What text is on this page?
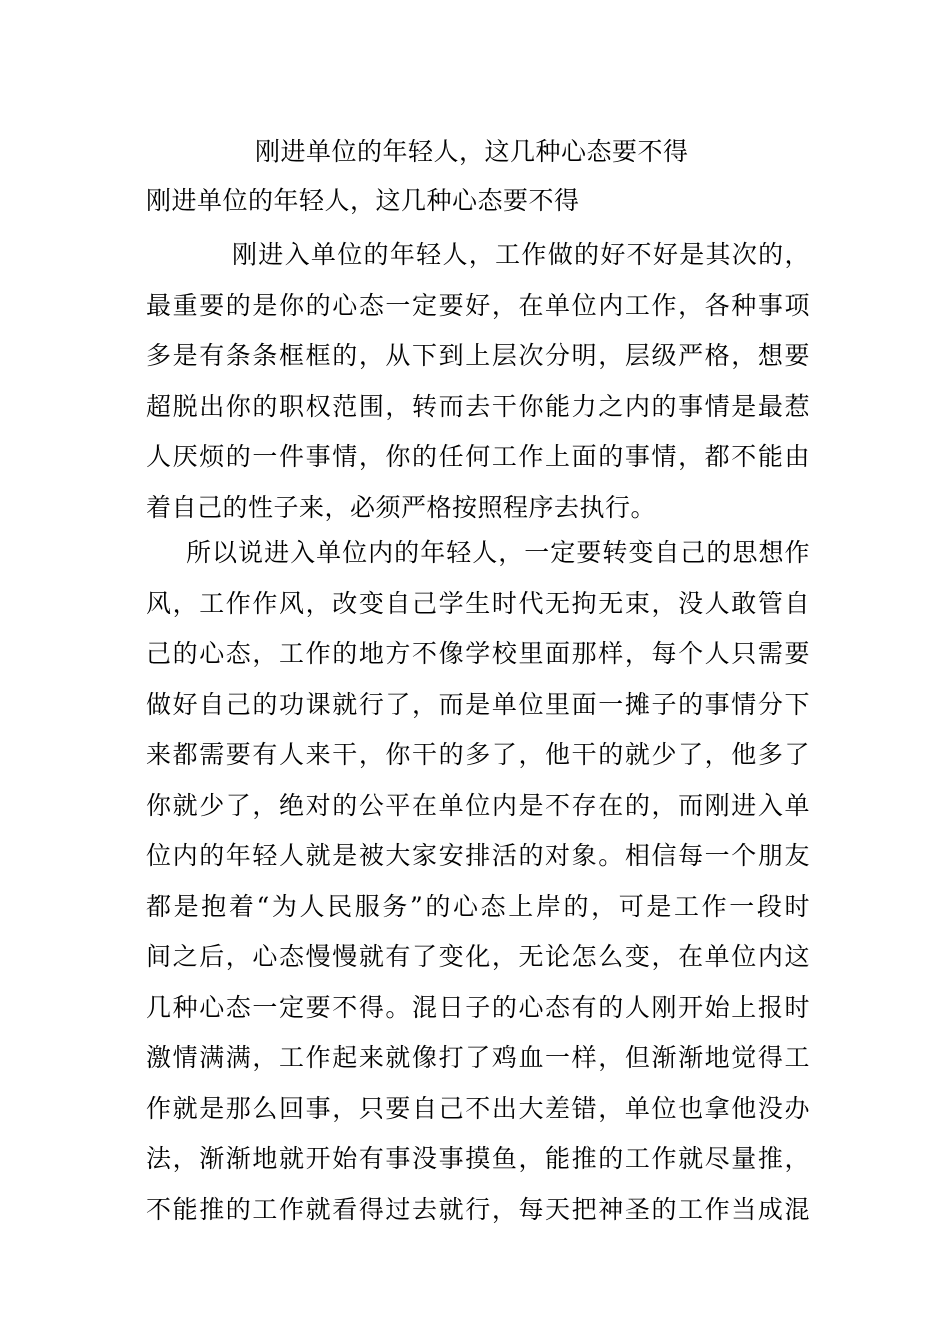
刚进单位的年轻人，这几种心态要不得
刚进单位的年轻人，这几种心态要不得
刚进入单位的年轻人，工作做的好不好是其次的，
最重要的是你的心态一定要好，在单位内工作，各种事项
多是有条条框框的，从下到上层次分明，层级严格，想要
超脱出你的职权范围，转而去干你能力之内的事情是最惹
人厌烦的一件事情，你的任何工作上面的事情，都不能由
着自己的性子来，必须严格按照程序去执行。
所以说进入单位内的年轻人，一定要转变自己的思想作
风，工作作风，改变自己学生时代无拘无束，没人敢管自
己的心态，工作的地方不像学校里面那样，每个人只需要
做好自己的功课就行了，而是单位里面一摊子的事情分下
来都需要有人来干，你干的多了，他干的就少了，他多了
你就少了，绝对的公平在单位内是不存在的，而刚进入单
位内的年轻人就是被大家安排活的对象。相信每一个朋友
都是抱着“为人民服务”的心态上岸的，可是工作一段时
间之后，心态慢慢就有了变化，无论怎么变，在单位内这
几种心态一定要不得。混日子的心态有的人刚开始上报时
激情满满，工作起来就像打了鸡血一样，但渐渐地觉得工
作就是那么回事，只要自己不出大差错，单位也拿他没办
法，渐渐地就开始有事没事摸鱼，能推的工作就尽量推，
不能推的工作就看得过去就行，每天把神圣的工作当成混
